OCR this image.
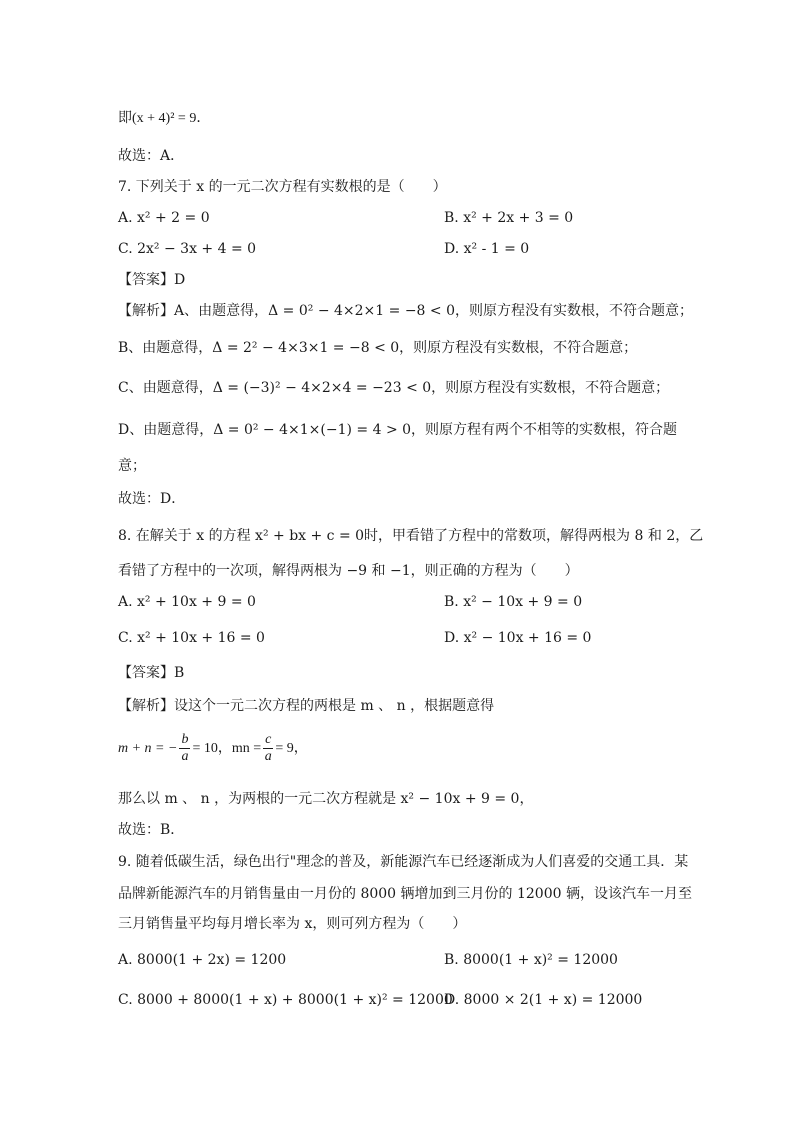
即(x + 4)² = 9．
故选：A．
7. 下列关于 x 的一元二次方程有实数根的是（　　）
A. x² + 2 = 0	B. x² + 2x + 3 = 0
C. 2x² − 3x + 4 = 0	D. x² - 1 = 0
【答案】D
【解析】A、由题意得，Δ = 0² − 4×2×1 = −8 < 0，则原方程没有实数根，不符合题意；
B、由题意得，Δ = 2² − 4×3×1 = −8 < 0，则原方程没有实数根，不符合题意；
C、由题意得，Δ = (−3)² − 4×2×4 = −23 < 0，则原方程没有实数根，不符合题意；
D、由题意得，Δ = 0² − 4×1×(−1) = 4 > 0，则原方程有两个不相等的实数根，符合题
意；
故选：D．
8. 在解关于 x 的方程 x² + bx + c = 0时，甲看错了方程中的常数项，解得两根为 8 和 2，乙
看错了方程中的一次项，解得两根为 −9 和 −1，则正确的方程为（　　）
A. x² + 10x + 9 = 0	B. x² − 10x + 9 = 0
C. x² + 10x + 16 = 0	D. x² − 10x + 16 = 0
【答案】B
【解析】设这个一元二次方程的两根是 m 、 n ，根据题意得
m + n = − $\frac{b}{a} = 10$，mn = $\frac{c}{a} = 9$，
那么以 m 、 n ，为两根的一元二次方程就是 x² − 10x + 9 = 0，
故选：B．
9. 随着低碳生活，绿色出行"理念的普及，新能源汽车已经逐渐成为人们喜爱的交通工具．某
品牌新能源汽车的月销售量由一月份的 8000 辆增加到三月份的 12000 辆，设该汽车一月至
三月销售量平均每月增长率为 x，则可列方程为（　　）
A. 8000(1 + 2x) = 1200	B. 8000(1 + x)² = 12000
C. 8000 + 8000(1 + x) + 8000(1 + x)² = 12000
D. 8000 × 2(1 + x) = 12000
